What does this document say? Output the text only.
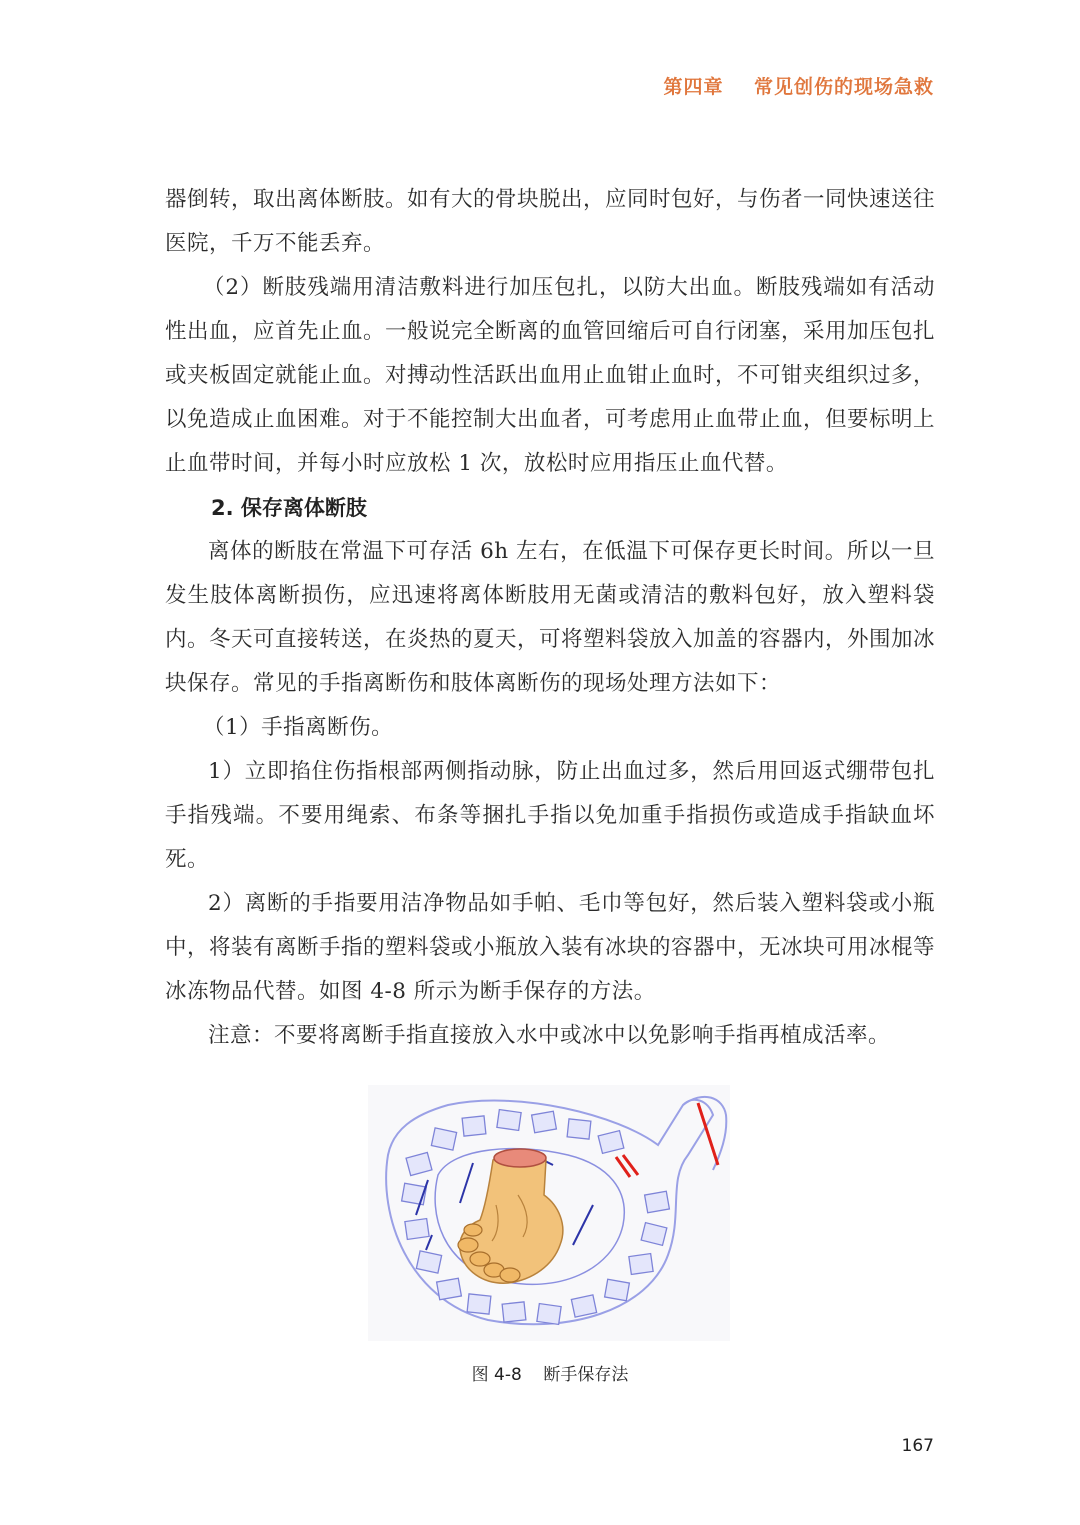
第四章    常见创伤的现场急救

器倒转，取出离体断肢。如有大的骨块脱出，应同时包好，与伤者一同快速送往医院，千万不能丢弃。

（2）断肢残端用清洁敷料进行加压包扎，以防大出血。断肢残端如有活动性出血，应首先止血。一般说完全断离的血管回缩后可自行闭塞，采用加压包扎或夹板固定就能止血。对搏动性活跃出血用止血钳止血时，不可钳夹组织过多，以免造成止血困难。对于不能控制大出血者，可考虑用止血带止血，但要标明上止血带时间，并每小时应放松 1 次，放松时应用指压止血代替。

2. 保存离体断肢

离体的断肢在常温下可存活 6h 左右，在低温下可保存更长时间。所以一旦发生肢体离断损伤，应迅速将离体断肢用无菌或清洁的敷料包好，放入塑料袋内。冬天可直接转送，在炎热的夏天，可将塑料袋放入加盖的容器内，外围加冰块保存。常见的手指离断伤和肢体离断伤的现场处理方法如下：

（1）手指离断伤。

1）立即掐住伤指根部两侧指动脉，防止出血过多，然后用回返式绷带包扎手指残端。不要用绳索、布条等捆扎手指以免加重手指损伤或造成手指缺血坏死。

2）离断的手指要用洁净物品如手帕、毛巾等包好，然后装入塑料袋或小瓶中，将装有离断手指的塑料袋或小瓶放入装有冰块的容器中，无冰块可用冰棍等冰冻物品代替。如图 4-8 所示为断手保存的方法。

注意：不要将离断手指直接放入水中或冰中以免影响手指再植成活率。

图 4-8    断手保存法
167
